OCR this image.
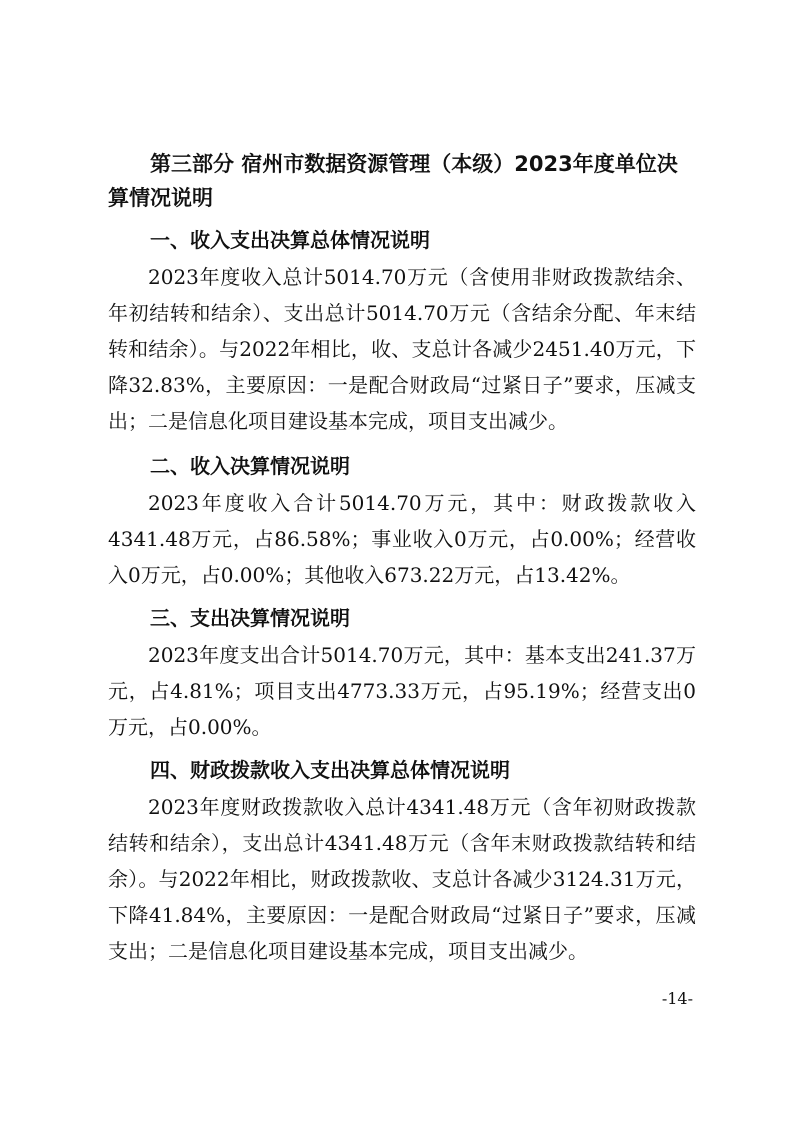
第三部分 宿州市数据资源管理（本级）2023年度单位决算情况说明
一、收入支出决算总体情况说明

2023年度收入总计5014.70万元（含使用非财政拨款结余、年初结转和结余）、支出总计5014.70万元（含结余分配、年末结转和结余）。与2022年相比，收、支总计各减少2451.40万元，下降32.83%，主要原因：一是配合财政局“过紧日子”要求，压减支出；二是信息化项目建设基本完成，项目支出减少。

二、收入决算情况说明

2023年度收入合计5014.70万元，其中：财政拨款收入4341.48万元，占86.58%；事业收入0万元，占0.00%；经营收入0万元，占0.00%；其他收入673.22万元，占13.42%。

三、支出决算情况说明

2023年度支出合计5014.70万元，其中：基本支出241.37万元，占4.81%；项目支出4773.33万元，占95.19%；经营支出0万元，占0.00%。

四、财政拨款收入支出决算总体情况说明

2023年度财政拨款收入总计4341.48万元（含年初财政拨款结转和结余），支出总计4341.48万元（含年末财政拨款结转和结余）。与2022年相比，财政拨款收、支总计各减少3124.31万元，下降41.84%，主要原因：一是配合财政局“过紧日子”要求，压减支出；二是信息化项目建设基本完成，项目支出减少。

-14-
